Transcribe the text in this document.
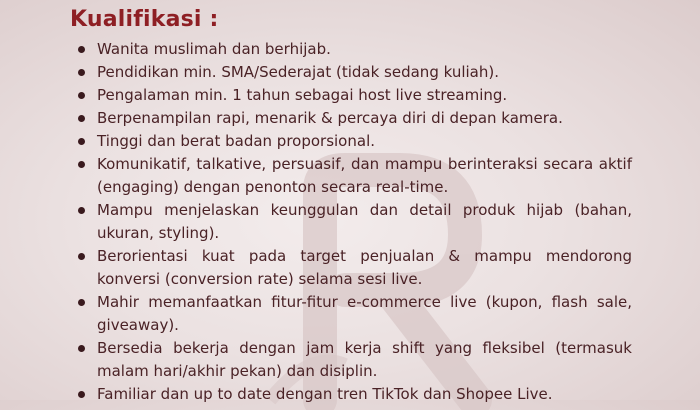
Kualifikasi :
Wanita muslimah dan berhijab.
Pendidikan min. SMA/Sederajat (tidak sedang kuliah).
Pengalaman min. 1 tahun sebagai host live streaming.
Berpenampilan rapi, menarik & percaya diri di depan kamera.
Tinggi dan berat badan proporsional.
Komunikatif, talkative, persuasif, dan mampu berinteraksi secara aktif (engaging) dengan penonton secara real-time.
Mampu menjelaskan keunggulan dan detail produk hijab (bahan, ukuran, styling).
Berorientasi kuat pada target penjualan & mampu mendorong konversi (conversion rate) selama sesi live.
Mahir memanfaatkan fitur-fitur e-commerce live (kupon, flash sale, giveaway).
Bersedia bekerja dengan jam kerja shift yang fleksibel (termasuk malam hari/akhir pekan) dan disiplin.
Familiar dan up to date dengan tren TikTok dan Shopee Live.
